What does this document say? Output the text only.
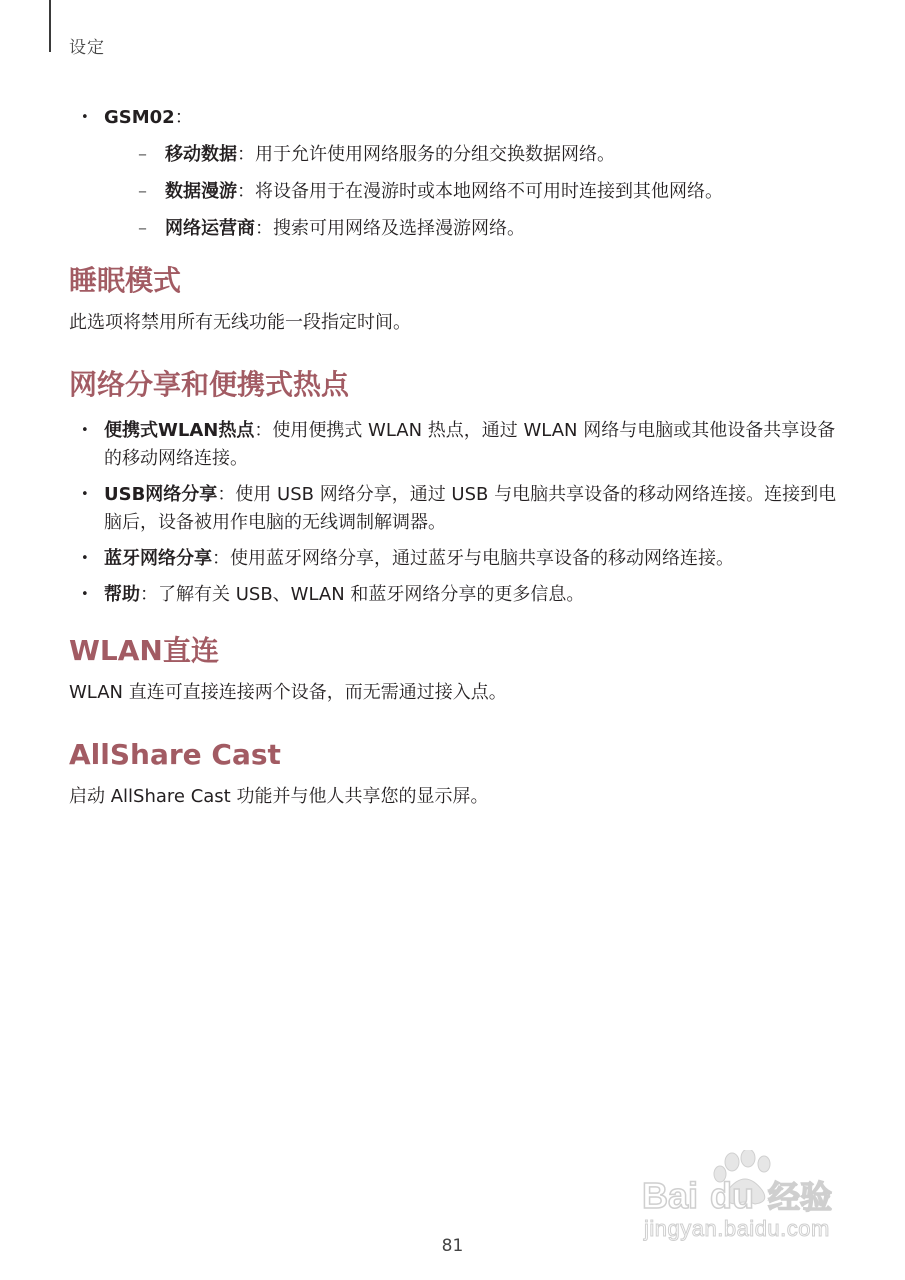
设定
• GSM02：
– 移动数据：用于允许使用网络服务的分组交换数据网络。
– 数据漫游：将设备用于在漫游时或本地网络不可用时连接到其他网络。
– 网络运营商：搜索可用网络及选择漫游网络。
睡眠模式

此选项将禁用所有无线功能一段指定时间。

网络分享和便携式热点
• 便携式WLAN热点：使用便携式 WLAN 热点，通过 WLAN 网络与电脑或其他设备共享设备的移动网络连接。
• USB网络分享：使用 USB 网络分享，通过 USB 与电脑共享设备的移动网络连接。连接到电脑后，设备被用作电脑的无线调制解调器。
• 蓝牙网络分享：使用蓝牙网络分享，通过蓝牙与电脑共享设备的移动网络连接。
• 帮助：了解有关 USB、WLAN 和蓝牙网络分享的更多信息。
WLAN直连

WLAN 直连可直接连接两个设备，而无需通过接入点。

AllShare Cast

启动 AllShare Cast 功能并与他人共享您的显示屏。

Bai du 经验
jingyan.baidu.com
81
